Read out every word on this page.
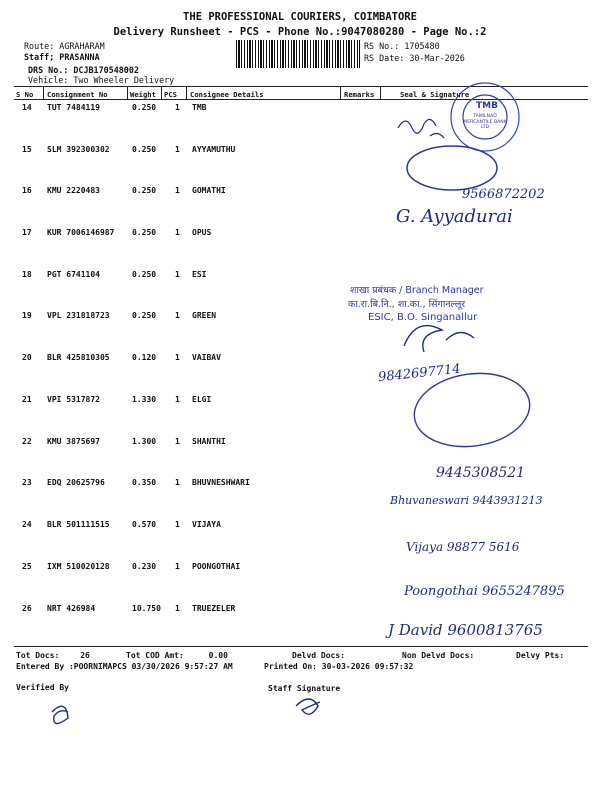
THE PROFESSIONAL COURIERS, COIMBATORE
Delivery Runsheet - PCS - Phone No.:9047080280 - Page No.:2
Route: AGRAHARAM
Staff; PRASANNA
DRS No.: DCJB170548002
Vehicle: Two Wheeler Delivery
RS No.: 1705480
RS Date: 30-Mar-2026
S No Consignment No	Weight PCS Consignee Details	Remarks	Seal & Signature
14 TUT 7484119	0.250 1 TMB
15 SLM 392300302	0.250 1 AYYAMUTHU
16 KMU 2220483	0.250 1 GOMATHI
17 KUR 7006146987 0.250 1 OPUS
18 PGT 6741104	0.250 1 ESI
19 VPL 231818723	0.250 1 GREEN
20 BLR 425810305	0.120 1 VAIBAV
21 VPI 5317872	1.330 1 ELGI
22 KMU 3875697	1.300 1 SHANTHI
23 EDQ 20625796	0.350 1 BHUVNESHWARI
24 BLR 501111515	0.570 1 VIJAYA
25 IXM 510020128	0.230 1 POONGOTHAI
26 NRT 426984	10.750 1 TRUEZELER
Tot Docs:	26	Tot COD Amt:	0.00	Delvd Docs:	Non Delvd Docs:	Delvy Pts:
Entered By :POORNIMAPCS 03/30/2026 9:57:27 AM	Printed On: 30-03-2026 09:57:32
Verified By	Staff Signature
TMB
TAMILNAD MERCANTILE BANK LTD
शाखा प्रबंधक / Branch Manager
का.रा.बि.नि., शा.का., सिंगानल्लूर
ESIC, B.O. Singanallur
9566872202
G. Ayyadurai
9842697714
9445308521
Bhuvaneswari 9443931213
Vijaya 98877 5616
Poongothai 9655247895
J David 9600813765
